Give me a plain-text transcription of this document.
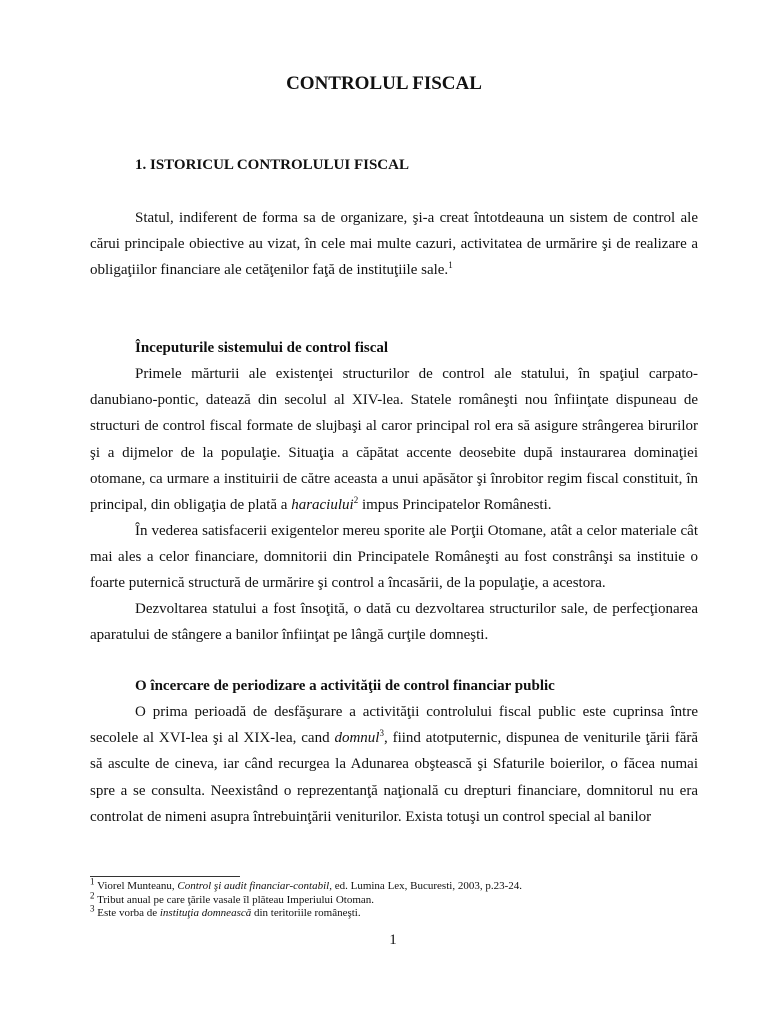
CONTROLUL FISCAL
1. ISTORICUL CONTROLULUI FISCAL

Statul, indiferent de forma sa de organizare, şi-a creat întotdeauna un sistem de control ale cărui principale obiective au vizat, în cele mai multe cazuri, activitatea de urmărire şi de realizare a obligaţiilor financiare ale cetăţenilor faţă de instituţiile sale.$^1$

Începuturile sistemului de control fiscal

Primele mărturii ale existenţei structurilor de control ale statului, în spaţiul carpato-danubiano-pontic, datează din secolul al XIV-lea. Statele româneşti nou înfiinţate dispuneau de structuri de control fiscal formate de slujbaşi al caror principal rol era să asigure strângerea birurilor şi a dijmelor de la populaţie. Situaţia a căpătat accente deosebite după instaurarea dominaţiei otomane, ca urmare a instituirii de către aceasta a unui apăsător şi înrobitor regim fiscal constituit, în principal, din obligaţia de plată a haraciului$^2$ impus Principatelor Românesti.

În vederea satisfacerii exigentelor mereu sporite ale Porţii Otomane, atât a celor materiale cât mai ales a celor financiare, domnitorii din Principatele Româneşti au fost constrânşi sa instituie o foarte puternică structură de urmărire şi control a încasării, de la populaţie, a acestora.

Dezvoltarea statului a fost însoţită, o dată cu dezvoltarea structurilor sale, de perfecţionarea aparatului de stângere a banilor înfiinţat pe lângă curţile domneşti.

O încercare de periodizare a activităţii de control financiar public

O prima perioadă de desfăşurare a activităţii controlului fiscal public este cuprinsa între secolele al XVI-lea şi al XIX-lea, cand domnul$^3$, fiind atotputernic, dispunea de veniturile ţării fără să asculte de cineva, iar când recurgea la Adunarea obştească şi Sfaturile boierilor, o făcea numai spre a se consulta. Neexistând o reprezentanţă naţională cu drepturi financiare, domnitorul nu era controlat de nimeni asupra întrebuinţării veniturilor. Exista totuşi un control special al banilor

$^1$ Viorel Munteanu, Control şi audit financiar-contabil, ed. Lumina Lex, Bucuresti, 2003, p.23-24.
$^2$ Tribut anual pe care ţările vasale îl plăteau Imperiului Otoman.
$^3$ Este vorba de instituţia domnească din teritoriile româneşti.
1
